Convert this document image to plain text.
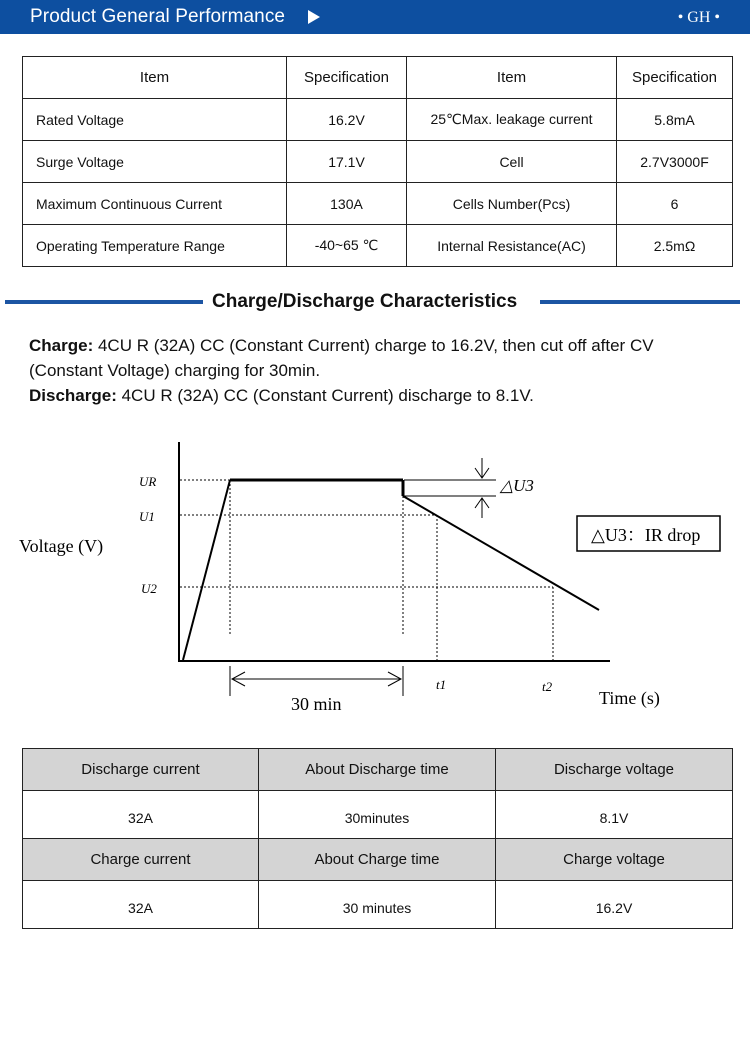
Product General Performance	• GH •
Item	Specification	Item	Specification
Rated Voltage	16.2V	25℃Max. leakage current	5.8mA
Surge Voltage	17.1V	Cell	2.7V3000F
Maximum Continuous Current	130A	Cells Number(Pcs)	6
Operating Temperature Range	-40~65 ℃	Internal Resistance(AC)	2.5mΩ
Charge/Discharge Characteristics
Charge: 4CU R (32A) CC (Constant Current) charge to 16.2V, then cut off after CV (Constant Voltage) charging for 30min.
Discharge: 4CU R (32A) CC (Constant Current) discharge to 8.1V.
Voltage (V)
Time (s)
UR
U1
U2
t1	t2
△U3
30 min
△U3：IR drop
Discharge current	About Discharge time	Discharge voltage
32A	30minutes	8.1V
Charge current	About Charge time	Charge voltage
32A	30 minutes	16.2V
